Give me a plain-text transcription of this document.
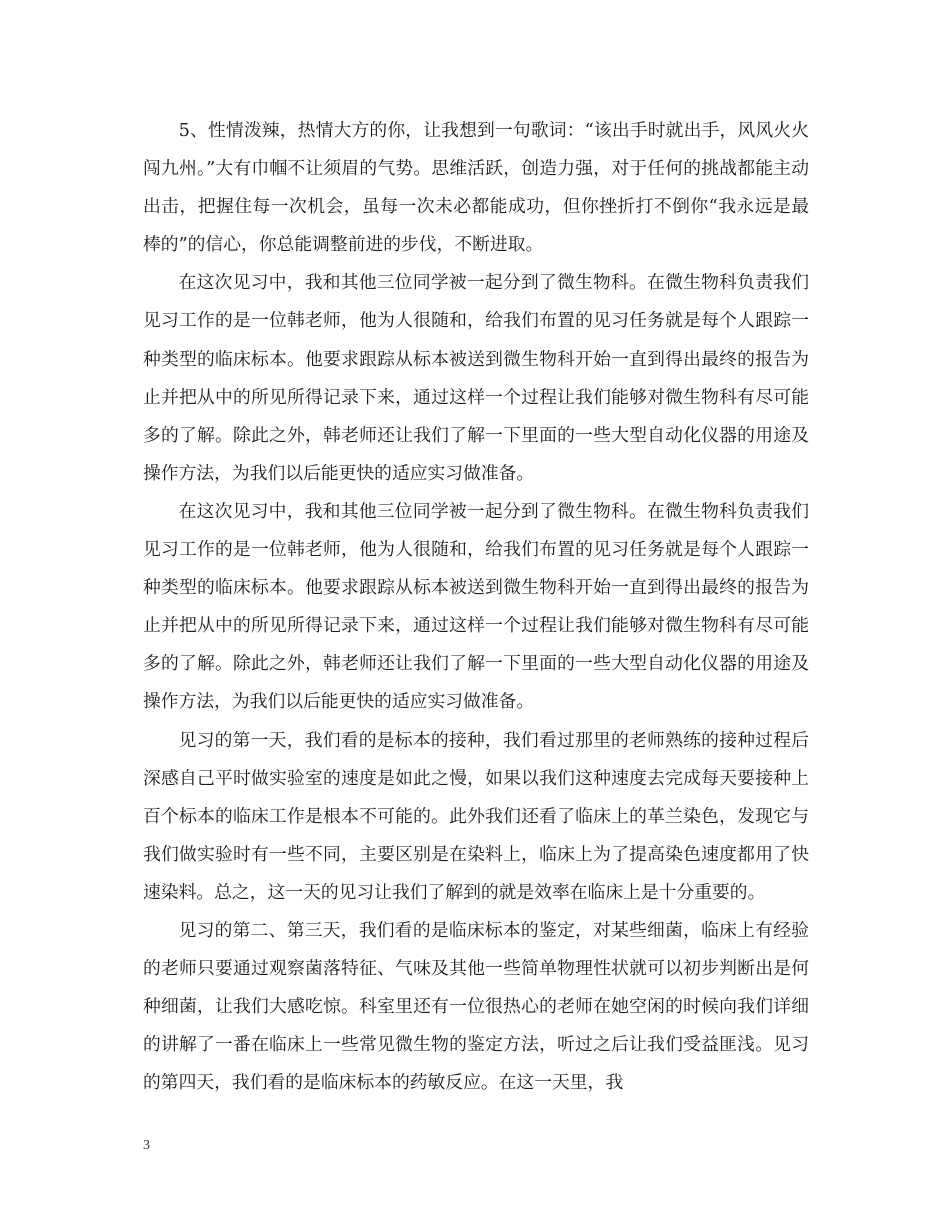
5、性情泼辣，热情大方的你，让我想到一句歌词：“该出手时就出手，风风火火闯九州。”大有巾帼不让须眉的气势。思维活跃，创造力强，对于任何的挑战都能主动出击，把握住每一次机会，虽每一次未必都能成功，但你挫折打不倒你“我永远是最棒的”的信心，你总能调整前进的步伐，不断进取。

在这次见习中，我和其他三位同学被一起分到了微生物科。在微生物科负责我们见习工作的是一位韩老师，他为人很随和，给我们布置的见习任务就是每个人跟踪一种类型的临床标本。他要求跟踪从标本被送到微生物科开始一直到得出最终的报告为止并把从中的所见所得记录下来，通过这样一个过程让我们能够对微生物科有尽可能多的了解。除此之外，韩老师还让我们了解一下里面的一些大型自动化仪器的用途及操作方法，为我们以后能更快的适应实习做准备。

在这次见习中，我和其他三位同学被一起分到了微生物科。在微生物科负责我们见习工作的是一位韩老师，他为人很随和，给我们布置的见习任务就是每个人跟踪一种类型的临床标本。他要求跟踪从标本被送到微生物科开始一直到得出最终的报告为止并把从中的所见所得记录下来，通过这样一个过程让我们能够对微生物科有尽可能多的了解。除此之外，韩老师还让我们了解一下里面的一些大型自动化仪器的用途及操作方法，为我们以后能更快的适应实习做准备。

见习的第一天，我们看的是标本的接种，我们看过那里的老师熟练的接种过程后深感自己平时做实验室的速度是如此之慢，如果以我们这种速度去完成每天要接种上百个标本的临床工作是根本不可能的。此外我们还看了临床上的革兰染色，发现它与我们做实验时有一些不同，主要区别是在染料上，临床上为了提高染色速度都用了快速染料。总之，这一天的见习让我们了解到的就是效率在临床上是十分重要的。

见习的第二、第三天，我们看的是临床标本的鉴定，对某些细菌，临床上有经验的老师只要通过观察菌落特征、气味及其他一些简单物理性状就可以初步判断出是何种细菌，让我们大感吃惊。科室里还有一位很热心的老师在她空闲的时候向我们详细的讲解了一番在临床上一些常见微生物的鉴定方法，听过之后让我们受益匪浅。见习的第四天，我们看的是临床标本的药敏反应。在这一天里，我

3
